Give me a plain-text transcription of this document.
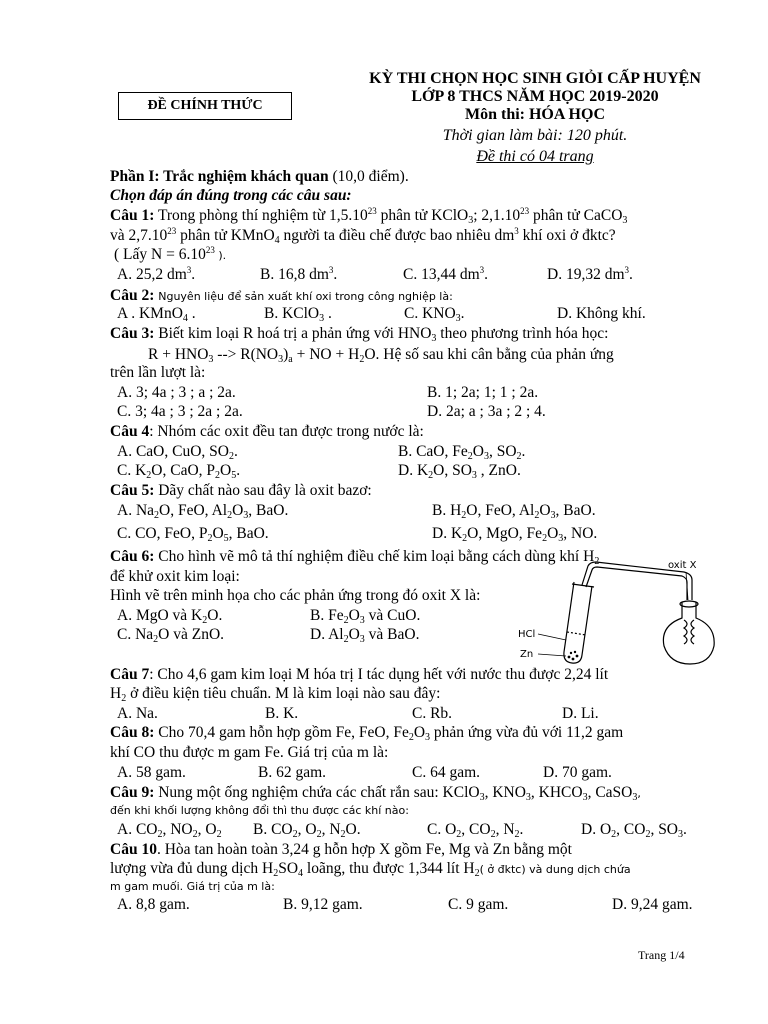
ĐỀ CHÍNH THỨC
KỲ THI CHỌN HỌC SINH GIỎI CẤP HUYỆN
LỚP 8 THCS NĂM HỌC 2019-2020
Môn thi: HÓA HỌC
Thời gian làm bài: 120 phút.
Đề thi có 04 trang
Phần I: Trắc nghiệm khách quan (10,0 điểm).
Chọn đáp án đúng trong các câu sau:
Câu 1: Trong phòng thí nghiệm từ 1,5.10$^{23}$ phân tử KClO$_3$; 2,1.10$^{23}$ phân tử CaCO$_3$
và 2,7.10$^{23}$ phân tử KMnO$_4$ người ta điều chế được bao nhiêu $dm^3$ khí oxi ở đktc?
( Lấy $N = 6.10^{23}$ ).
A. 25,2 $dm^3$.	B. 16,8 $dm^3$.	C. 13,44 $dm^3$.	D. 19,32 $dm^3$.
Câu 2: Nguyên liệu để sản xuất khí oxi trong công nghiệp là:
A . KMnO$_4$ .	B. KClO$_3$ .	C. $KNO_3$.	D. Không khí.
Câu 3: Biết kim loại R hoá trị a phản ứng với $HNO_3$ theo phương trình hóa học:
$R + HNO_3$ --> $R(NO_3)_a$ + NO + $H_2O$. Hệ số sau khi cân bằng của phản ứng
trên lần lượt là:
A. 3; 4a ; 3 ; a ; 2a.	B. 1; 2a; 1; 1 ; 2a.
C. 3; 4a ; 3 ; 2a ; 2a.	D. 2a; a ; 3a ; 2 ; 4.
Câu 4: Nhóm các oxit đều tan được trong nước là:
A. CaO, CuO, $SO_2$.	B. CaO, $Fe_2O_3$, $SO_2$.
C. $K_2O$, CaO, $P_2O_5$.	D. $K_2O$, $SO_3$ , ZnO.
Câu 5: Dãy chất nào sau đây là oxit bazơ:
A. $Na_2O$, FeO, $Al_2O_3$, BaO.	B. $H_2O$, FeO, $Al_2O_3$, BaO.
C. CO, FeO, $P_2O_5$, BaO.	D. $K_2O$, MgO, $Fe_2O_3$, NO.
Câu 6: Cho hình vẽ mô tả thí nghiệm điều chế kim loại bằng cách dùng khí $H_2$
để khử oxit kim loại:
Hình vẽ trên minh họa cho các phản ứng trong đó oxit X là:
A. MgO và $K_2O$.	B. $Fe_2O_3$ và CuO.
C. $Na_2O$ và ZnO.	D. $Al_2O_3$ và BaO.
oxit X
HCl
Zn
Câu 7: Cho 4,6 gam kim loại M hóa trị I tác dụng hết với nước thu được 2,24 lít
$H_2$ ở điều kiện tiêu chuẩn. M là kim loại nào sau đây:
A. Na.	B. K.	C. Rb.	D. Li.
Câu 8: Cho 70,4 gam hỗn hợp gồm Fe, FeO, $Fe_2O_3$ phản ứng vừa đủ với 11,2 gam
khí CO thu được m gam Fe. Giá trị của m là:
A. 58 gam.	B. 62 gam.	C. 64 gam.	D. 70 gam.
Câu 9: Nung một ống nghiệm chứa các chất rắn sau: KClO$_3$, $KNO_3$, $KHCO_3$, CaSO$_3$,
đến khi khối lượng không đổi thì thu được các khí nào:
A. $CO_2$, $NO_2$, $O_2$ B. $CO_2$, $O_2$, $N_2O$.	C. $O_2$, $CO_2$, $N_2$.	D. $O_2$, $CO_2$, $SO_3$.
Câu 10. Hòa tan hoàn toàn 3,24 g hỗn hợp X gồm Fe, Mg và Zn bằng một
lượng vừa đủ dung dịch $H_2SO_4$ loãng, thu được 1,344 lít $H_2$( ở đktc) và dung dịch chứa
m gam muối. Giá trị của m là:
A. 8,8 gam.	B. 9,12 gam.	C. 9 gam.	D. 9,24 gam.
Trang 1/4
